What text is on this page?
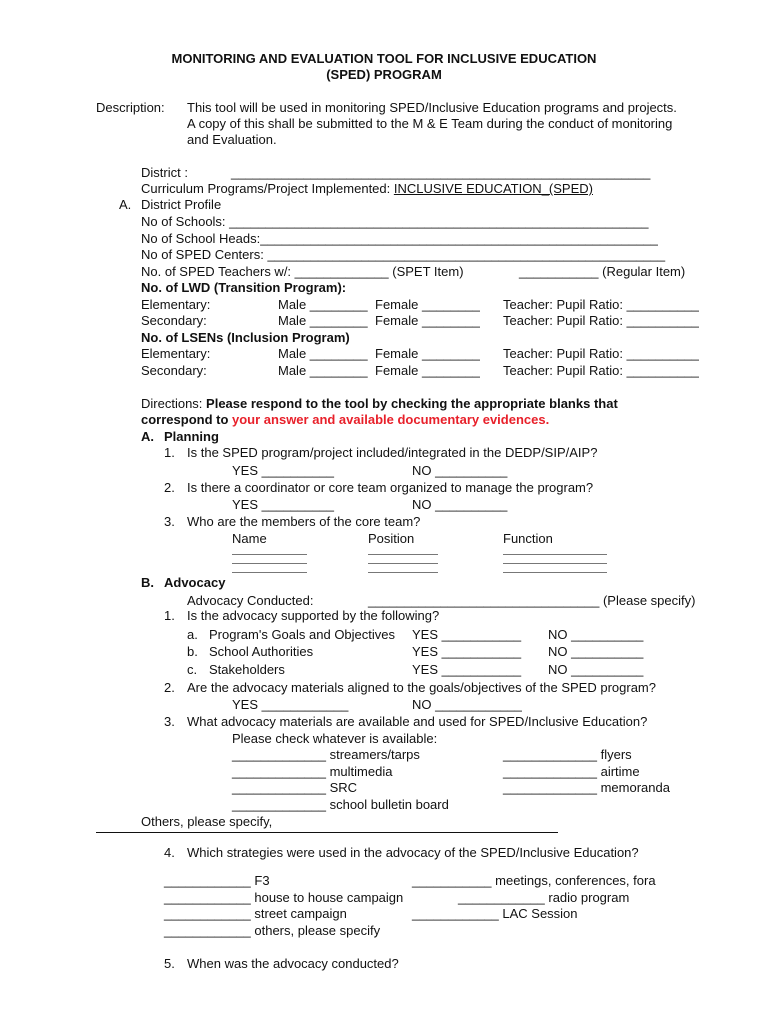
MONITORING AND EVALUATION TOOL FOR INCLUSIVE EDUCATION
(SPED) PROGRAM
Description: This tool will be used in monitoring SPED/Inclusive Education programs and projects.
A copy of this shall be submitted to the M & E Team during the conduct of monitoring
and Evaluation.
District :	__________________________________________________________
Curriculum Programs/Project Implemented: INCLUSIVE EDUCATION_(SPED)
A. District Profile
No of Schools: __________________________________________________________
No of School Heads:_______________________________________________________
No of SPED Centers: _______________________________________________________
No. of SPED Teachers w/: _____________ (SPET Item)	___________ (Regular Item)
No. of LWD (Transition Program):
Elementary:	Male ________ Female ________ Teacher: Pupil Ratio: __________
Secondary:	Male ________ Female ________ Teacher: Pupil Ratio: __________
No. of LSENs (Inclusion Program)
Elementary:	Male ________ Female ________ Teacher: Pupil Ratio: __________
Secondary:	Male ________ Female ________ Teacher: Pupil Ratio: __________
Directions: Please respond to the tool by checking the appropriate blanks that
correspond to your answer and available documentary evidences.
A. Planning
1. Is the SPED program/project included/integrated in the DEDP/SIP/AIP?
YES __________	NO __________
2. Is there a coordinator or core team organized to manage the program?
YES __________	NO __________
3. Who are the members of the core team?
Name	Position	Function
B. Advocacy
Advocacy Conducted:	________________________________ (Please specify)
1. Is the advocacy supported by the following?
a. Program's Goals and Objectives YES ___________ NO __________
b. School Authorities	YES ___________ NO __________
c. Stakeholders	YES ___________ NO __________
2. Are the advocacy materials aligned to the goals/objectives of the SPED program?
YES ____________	NO ____________
3. What advocacy materials are available and used for SPED/Inclusive Education?
Please check whatever is available:
_____________ streamers/tarps
_____________ multimedia
_____________ SRC
_____________ school bulletin board
_____________ flyers
_____________ airtime
_____________ memoranda
Others, please specify,
4. Which strategies were used in the advocacy of the SPED/Inclusive Education?
____________ F3
____________ house to house campaign
____________ street campaign
____________ others, please specify
___________ meetings, conferences, fora
____________ radio program
____________ LAC Session
5. When was the advocacy conducted?
